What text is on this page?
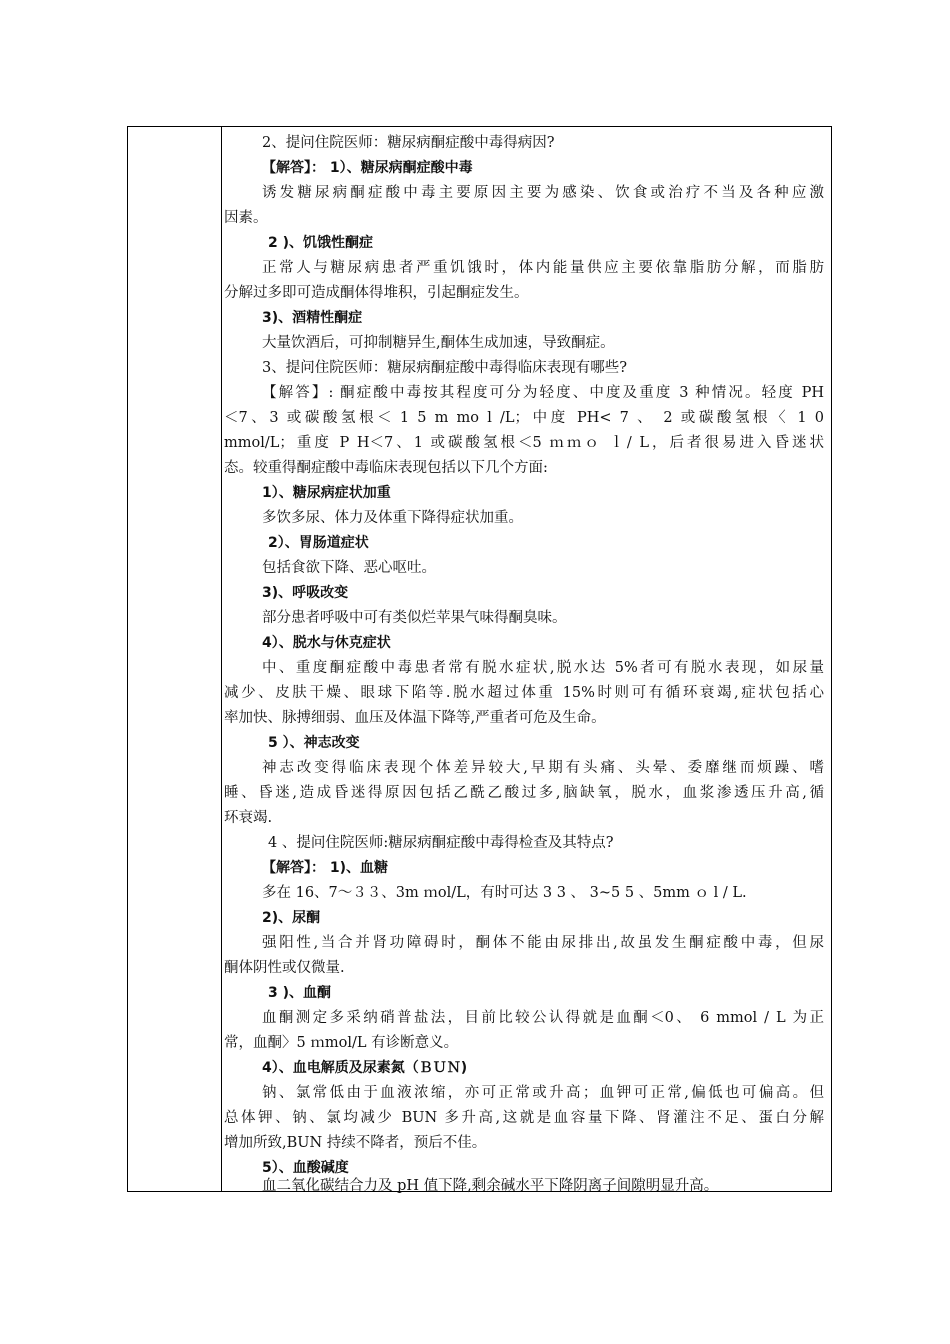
2、提问住院医师：糖尿病酮症酸中毒得病因?
【解答】： 1）、糖尿病酮症酸中毒
诱发糖尿病酮症酸中毒主要原因主要为感染、饮食或治疗不当及各种应激
因素。
2 )、饥饿性酮症
正常人与糖尿病患者严重饥饿时，体内能量供应主要依靠脂肪分解，而脂肪
分解过多即可造成酮体得堆积，引起酮症发生。
3)、酒精性酮症
大量饮酒后，可抑制糖异生,酮体生成加速，导致酮症。
3、提问住院医师：糖尿病酮症酸中毒得临床表现有哪些?
【解答】: 酮症酸中毒按其程度可分为轻度、中度及重度 3 种情况。轻度 PH
＜7、3 或碳酸氢根＜ 1 5 m mo l /L；中度 PH< 7 、 2 或碳酸氢根〈 1 0
mmol/L；重度 P H＜7、1 或碳酸氢根＜5 ｍｍｏ ｌ/ L，后者很易进入昏迷状
态。较重得酮症酸中毒临床表现包括以下几个方面:
1）、糖尿病症状加重
多饮多尿、体力及体重下降得症状加重。
2）、胃肠道症状
包括食欲下降、恶心呕吐。
3)、呼吸改变
部分患者呼吸中可有类似烂苹果气味得酮臭味。
4）、脱水与休克症状
中、重度酮症酸中毒患者常有脱水症状,脱水达 5%者可有脱水表现，如尿量
减少、皮肤干燥、眼球下陷等.脱水超过体重 15%时则可有循环衰竭,症状包括心
率加快、脉搏细弱、血压及体温下降等,严重者可危及生命。
5 ）、神志改变
神志改变得临床表现个体差异较大,早期有头痛、头晕、委靡继而烦躁、嗜
睡、昏迷,造成昏迷得原因包括乙酰乙酸过多,脑缺氧，脱水，血浆渗透压升高,循
环衰竭.
4 、提问住院医师:糖尿病酮症酸中毒得检查及其特点?
【解答】： 1)、血糖
多在 16、7～３３、3m ｍol/L，有时可达 3 3 、 3~5 5 、5mm ｏ l / L.
2)、尿酮
强阳性,当合并肾功障碍时，酮体不能由尿排出,故虽发生酮症酸中毒，但尿
酮体阴性或仅微量.
3 )、血酮
血酮测定多采纳硝普盐法，目前比较公认得就是血酮＜0、 6 mmol / L 为正
常，血酮〉5 ｍmol/L 有诊断意义。
4）、血电解质及尿素氮（ＢＵＮ)
钠、氯常低由于血液浓缩，亦可正常或升高；血钾可正常,偏低也可偏高。但
总体钾、钠、氯均减少 BUN 多升高,这就是血容量下降、肾灌注不足、蛋白分解
增加所致,BUN 持续不降者，预后不佳。
5）、血酸碱度
血二氧化碳结合力及 pH 值下降,剩余碱水平下降阴离子间隙明显升高。
